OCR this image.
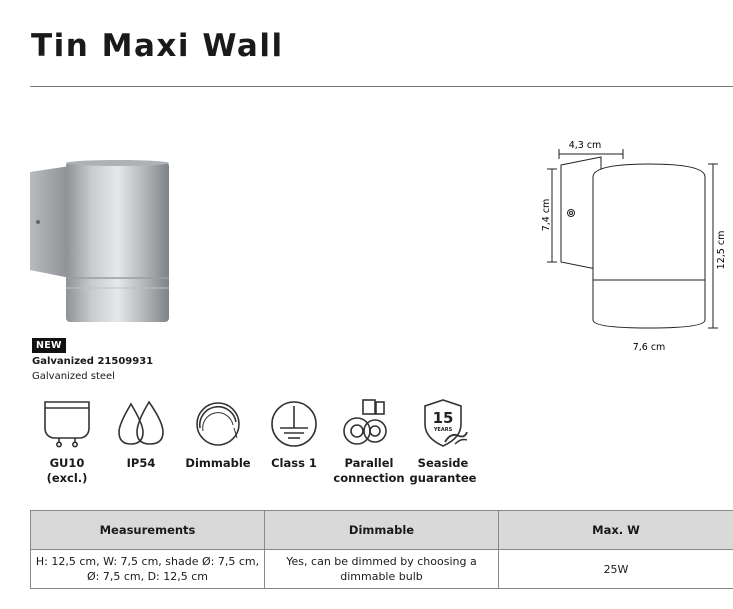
Tin Maxi Wall
4,3 cm
7,4 cm
12,5 cm
7,6 cm
NEW
Galvanized 21509931
Galvanized steel
GU10
(excl.)
IP54	Dimmable	Class 1	Parallel
connection
15
YEARS
Seaside
guarantee
Measurements	Dimmable	Max. W
H: 12,5 cm, W: 7,5 cm, shade Ø: 7,5 cm, Ø: 7,5 cm, D: 12,5 cm	Yes, can be dimmed by choosing a dimmable bulb	25W
